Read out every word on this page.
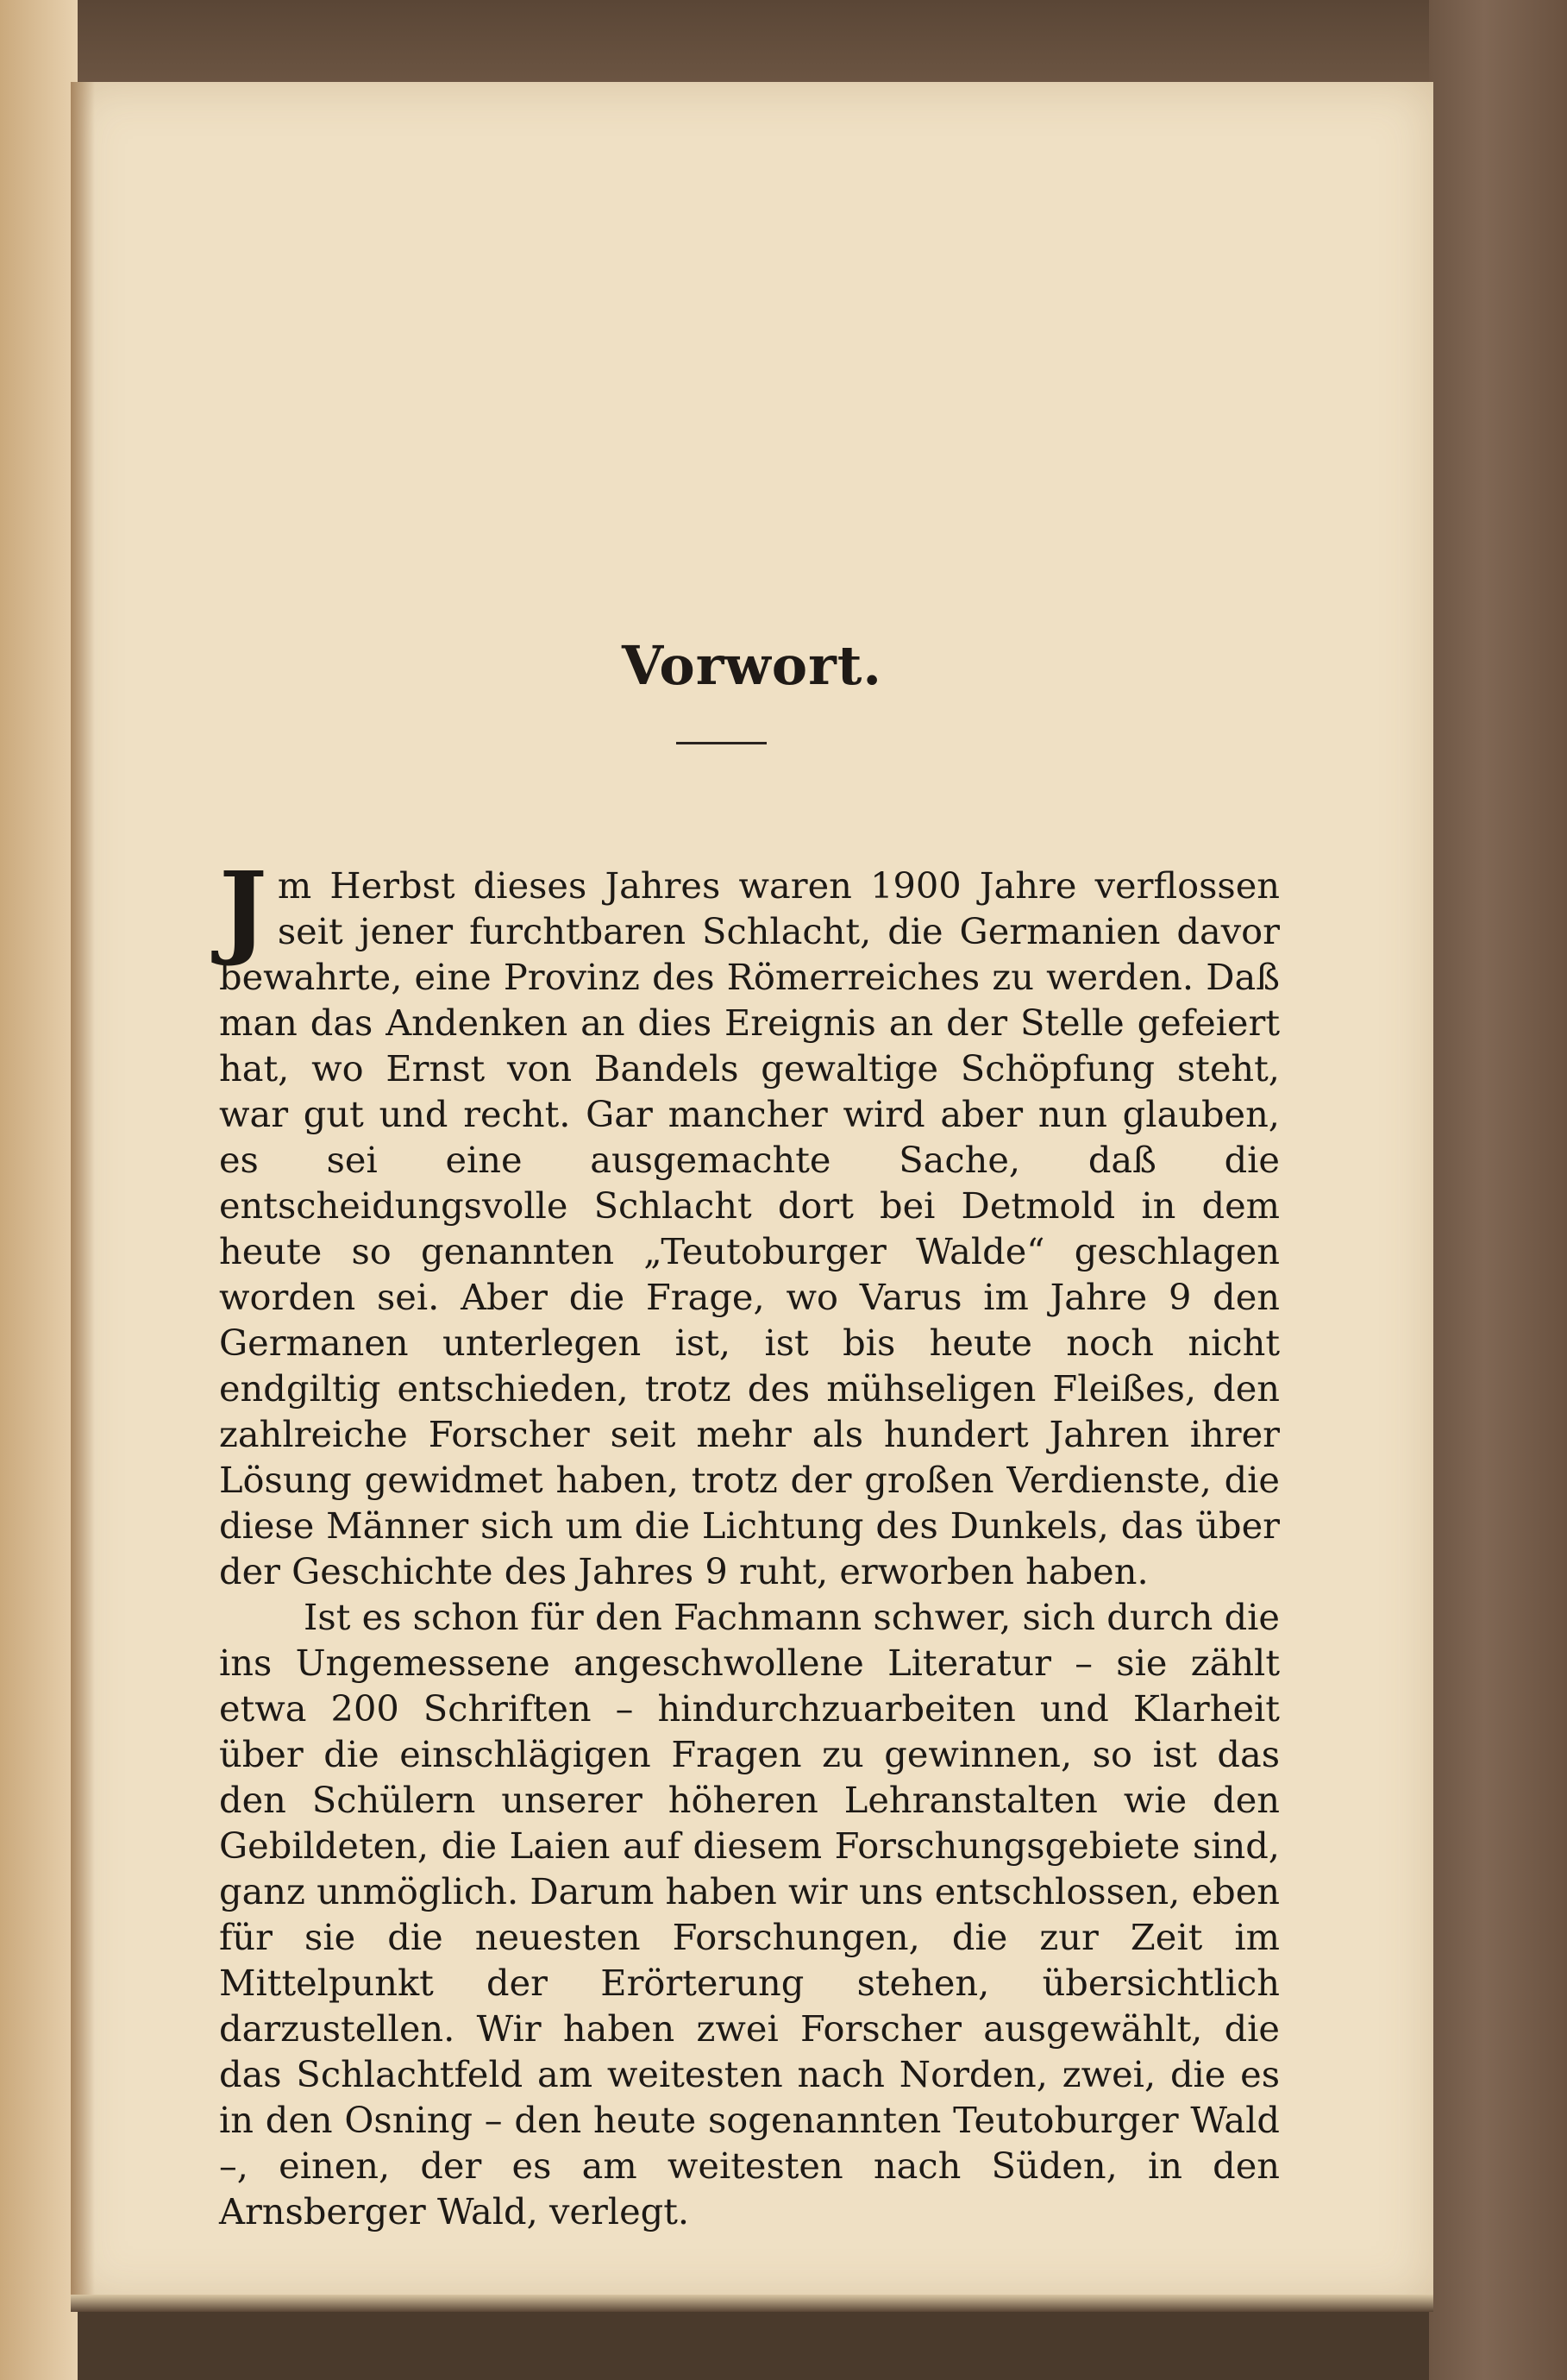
Vorwort.

Jm Herbst dieses Jahres waren 1900 Jahre verflossen seit jener furchtbaren Schlacht, die Germanien davor bewahrte, eine Provinz des Römerreiches zu werden. Daß man das Andenken an dies Ereignis an der Stelle gefeiert hat, wo Ernst von Bandels gewaltige Schöpfung steht, war gut und recht. Gar mancher wird aber nun glauben, es sei eine ausgemachte Sache, daß die entscheidungsvolle Schlacht dort bei Detmold in dem heute so genannten „Teutoburger Walde“ geschlagen worden sei. Aber die Frage, wo Varus im Jahre 9 den Germanen unterlegen ist, ist bis heute noch nicht endgiltig entschieden, trotz des mühseligen Fleißes, den zahlreiche Forscher seit mehr als hundert Jahren ihrer Lösung gewidmet haben, trotz der großen Verdienste, die diese Männer sich um die Lichtung des Dunkels, das über der Geschichte des Jahres 9 ruht, erworben haben.

Ist es schon für den Fachmann schwer, sich durch die ins Ungemessene angeschwollene Literatur – sie zählt etwa 200 Schriften – hindurchzuarbeiten und Klarheit über die einschlägigen Fragen zu gewinnen, so ist das den Schülern unserer höheren Lehranstalten wie den Gebildeten, die Laien auf diesem Forschungsgebiete sind, ganz unmöglich. Darum haben wir uns entschlossen, eben für sie die neuesten Forschungen, die zur Zeit im Mittelpunkt der Erörterung stehen, übersichtlich darzustellen. Wir haben zwei Forscher ausgewählt, die das Schlachtfeld am weitesten nach Norden, zwei, die es in den Osning – den heute sogenannten Teutoburger Wald –, einen, der es am weitesten nach Süden, in den Arnsberger Wald, verlegt.
